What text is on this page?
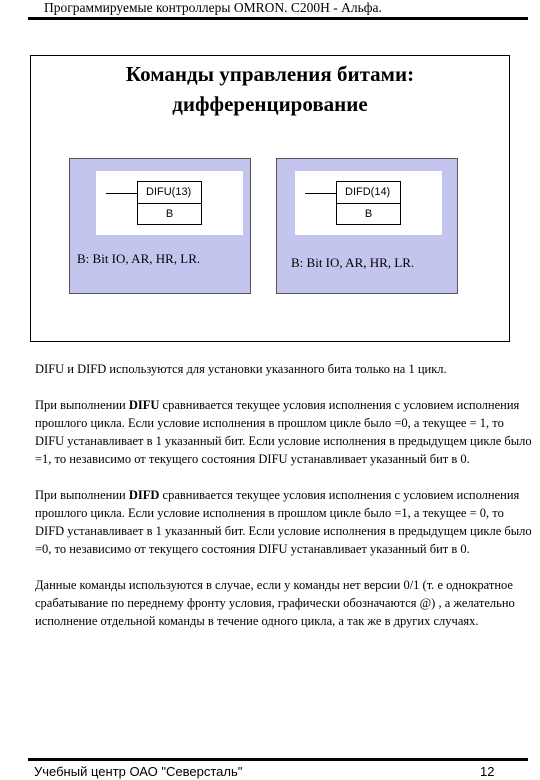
Программируемые контроллеры OMRON. C200H - Альфа.
Команды управления битами:
дифференцирование
DIFU(13)
B
B: Bit IO, AR, HR, LR.
DIFD(14)
B
B: Bit IO, AR, HR, LR.

DIFU и DIFD используются для установки указанного бита только на 1 цикл.

При выполнении DIFU сравнивается текущее условия исполнения с условием исполнения прошлого цикла. Если условие исполнения в прошлом цикле было =0, а текущее = 1, то DIFU устанавливает в 1 указанный бит. Если условие исполнения в предыдущем цикле было =1, то независимо от текущего состояния DIFU устанавливает указанный бит в 0.

При выполнении DIFD сравнивается текущее условия исполнения с условием исполнения прошлого цикла. Если условие исполнения в прошлом цикле было =1, а текущее = 0, то DIFD устанавливает в 1 указанный бит. Если условие исполнения в предыдущем цикле было =0, то независимо от текущего состояния DIFU устанавливает указанный бит в 0.

Данные команды используются в случае, если у команды нет версии 0/1 (т. е однократное срабатывание по переднему фронту условия, графически обозначаются @) , а желательно исполнение отдельной команды в течение одного цикла, а так же в других случаях.

Учебный центр ОАО "Северсталь"	12
